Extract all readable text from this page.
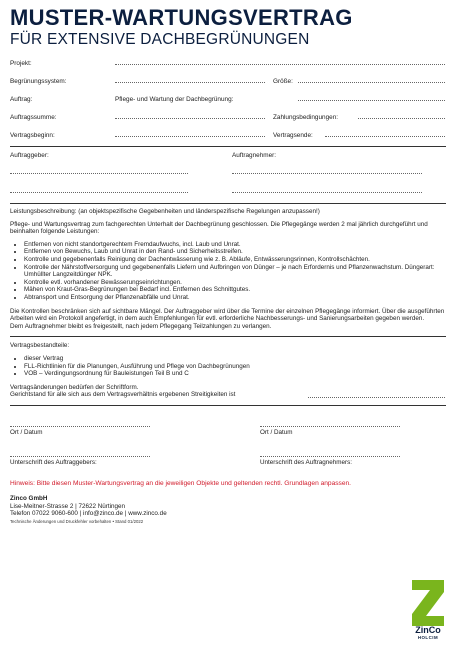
MUSTER-WARTUNGSVERTRAG
FÜR EXTENSIVE DACHBEGRÜNUNGEN
Projekt:
Begrünungssystem:	Größe:
Auftrag:	Pflege- und Wartung der Dachbegrünung:
Auftragssumme:	Zahlungsbedingungen:
Vertragsbeginn:	Vertragsende:
Auftraggeber:	Auftragnehmer:
Leistungsbeschreibung: (an objektspezifische Gegebenheiten und länderspezifische Regelungen anzupassen!)
Pflege- und Wartungsvertrag zum fachgerechten Unterhalt der Dachbegrünung geschlossen. Die Pflegegänge werden 2 mal jährlich durchgeführt und beinhalten folgende Leistungen:
• Entfernen von nicht standortgerechtem Fremdaufwuchs, incl. Laub und Unrat.
• Entfernen von Bewuchs, Laub und Unrat in den Rand- und Sicherheitsstreifen.
• Kontrolle und gegebenenfalls Reinigung der Dachentwässerung wie z. B. Abläufe, Entwässerungsrinnen, Kontrollschächten.
• Kontrolle der Nährstoffversorgung und gegebenenfalls Liefern und Aufbringen von Dünger – je nach Erfordernis und Pflanzenwachstum. Düngerart: Umhüllter Langzeitdünger NPK.
• Kontrolle evtl. vorhandener Bewässerungseinrichtungen.
• Mähen von Kraut-Gras-Begrünungen bei Bedarf incl. Entfernen des Schnittgutes.
• Abtransport und Entsorgung der Pflanzenabfälle und Unrat.
Die Kontrollen beschränken sich auf sichtbare Mängel. Der Auftraggeber wird über die Termine der einzelnen Pflegegänge informiert. Über die ausgeführten Arbeiten wird ein Protokoll angefertigt, in dem auch Empfehlungen für evtl. erforderliche Nachbesserungs- und Sanierungsarbeiten gegeben werden.
Dem Auftragnehmer bleibt es freigestellt, nach jedem Pflegegang Teilzahlungen zu verlangen.
Vertragsbestandteile:
• dieser Vertrag
• FLL-Richtlinien für die Planungen, Ausführung und Pflege von Dachbegrünungen
• VOB – Verdingungsordnung für Bauleistungen Teil B und C
Vertragsänderungen bedürfen der Schriftform.
Gerichtstand für alle sich aus dem Vertragsverhältnis ergebenen Streitigkeiten ist
Ort / Datum	Ort / Datum
Unterschrift des Auftraggebers:	Unterschrift des Auftragnehmers:
Hinweis: Bitte diesen Muster-Wartungsvertrag an die jeweiligen Objekte und geltenden rechtl. Grundlagen anpassen.
Zinco GmbH
Lise-Meitner-Strasse 2 | 72622 Nürtingen
Telefon 07022 9060-600 | info@zinco.de | www.zinco.de
Technische Änderungen und Druckfehler vorbehalten • Stand 01/2022
ZinCo
HOLCIM
